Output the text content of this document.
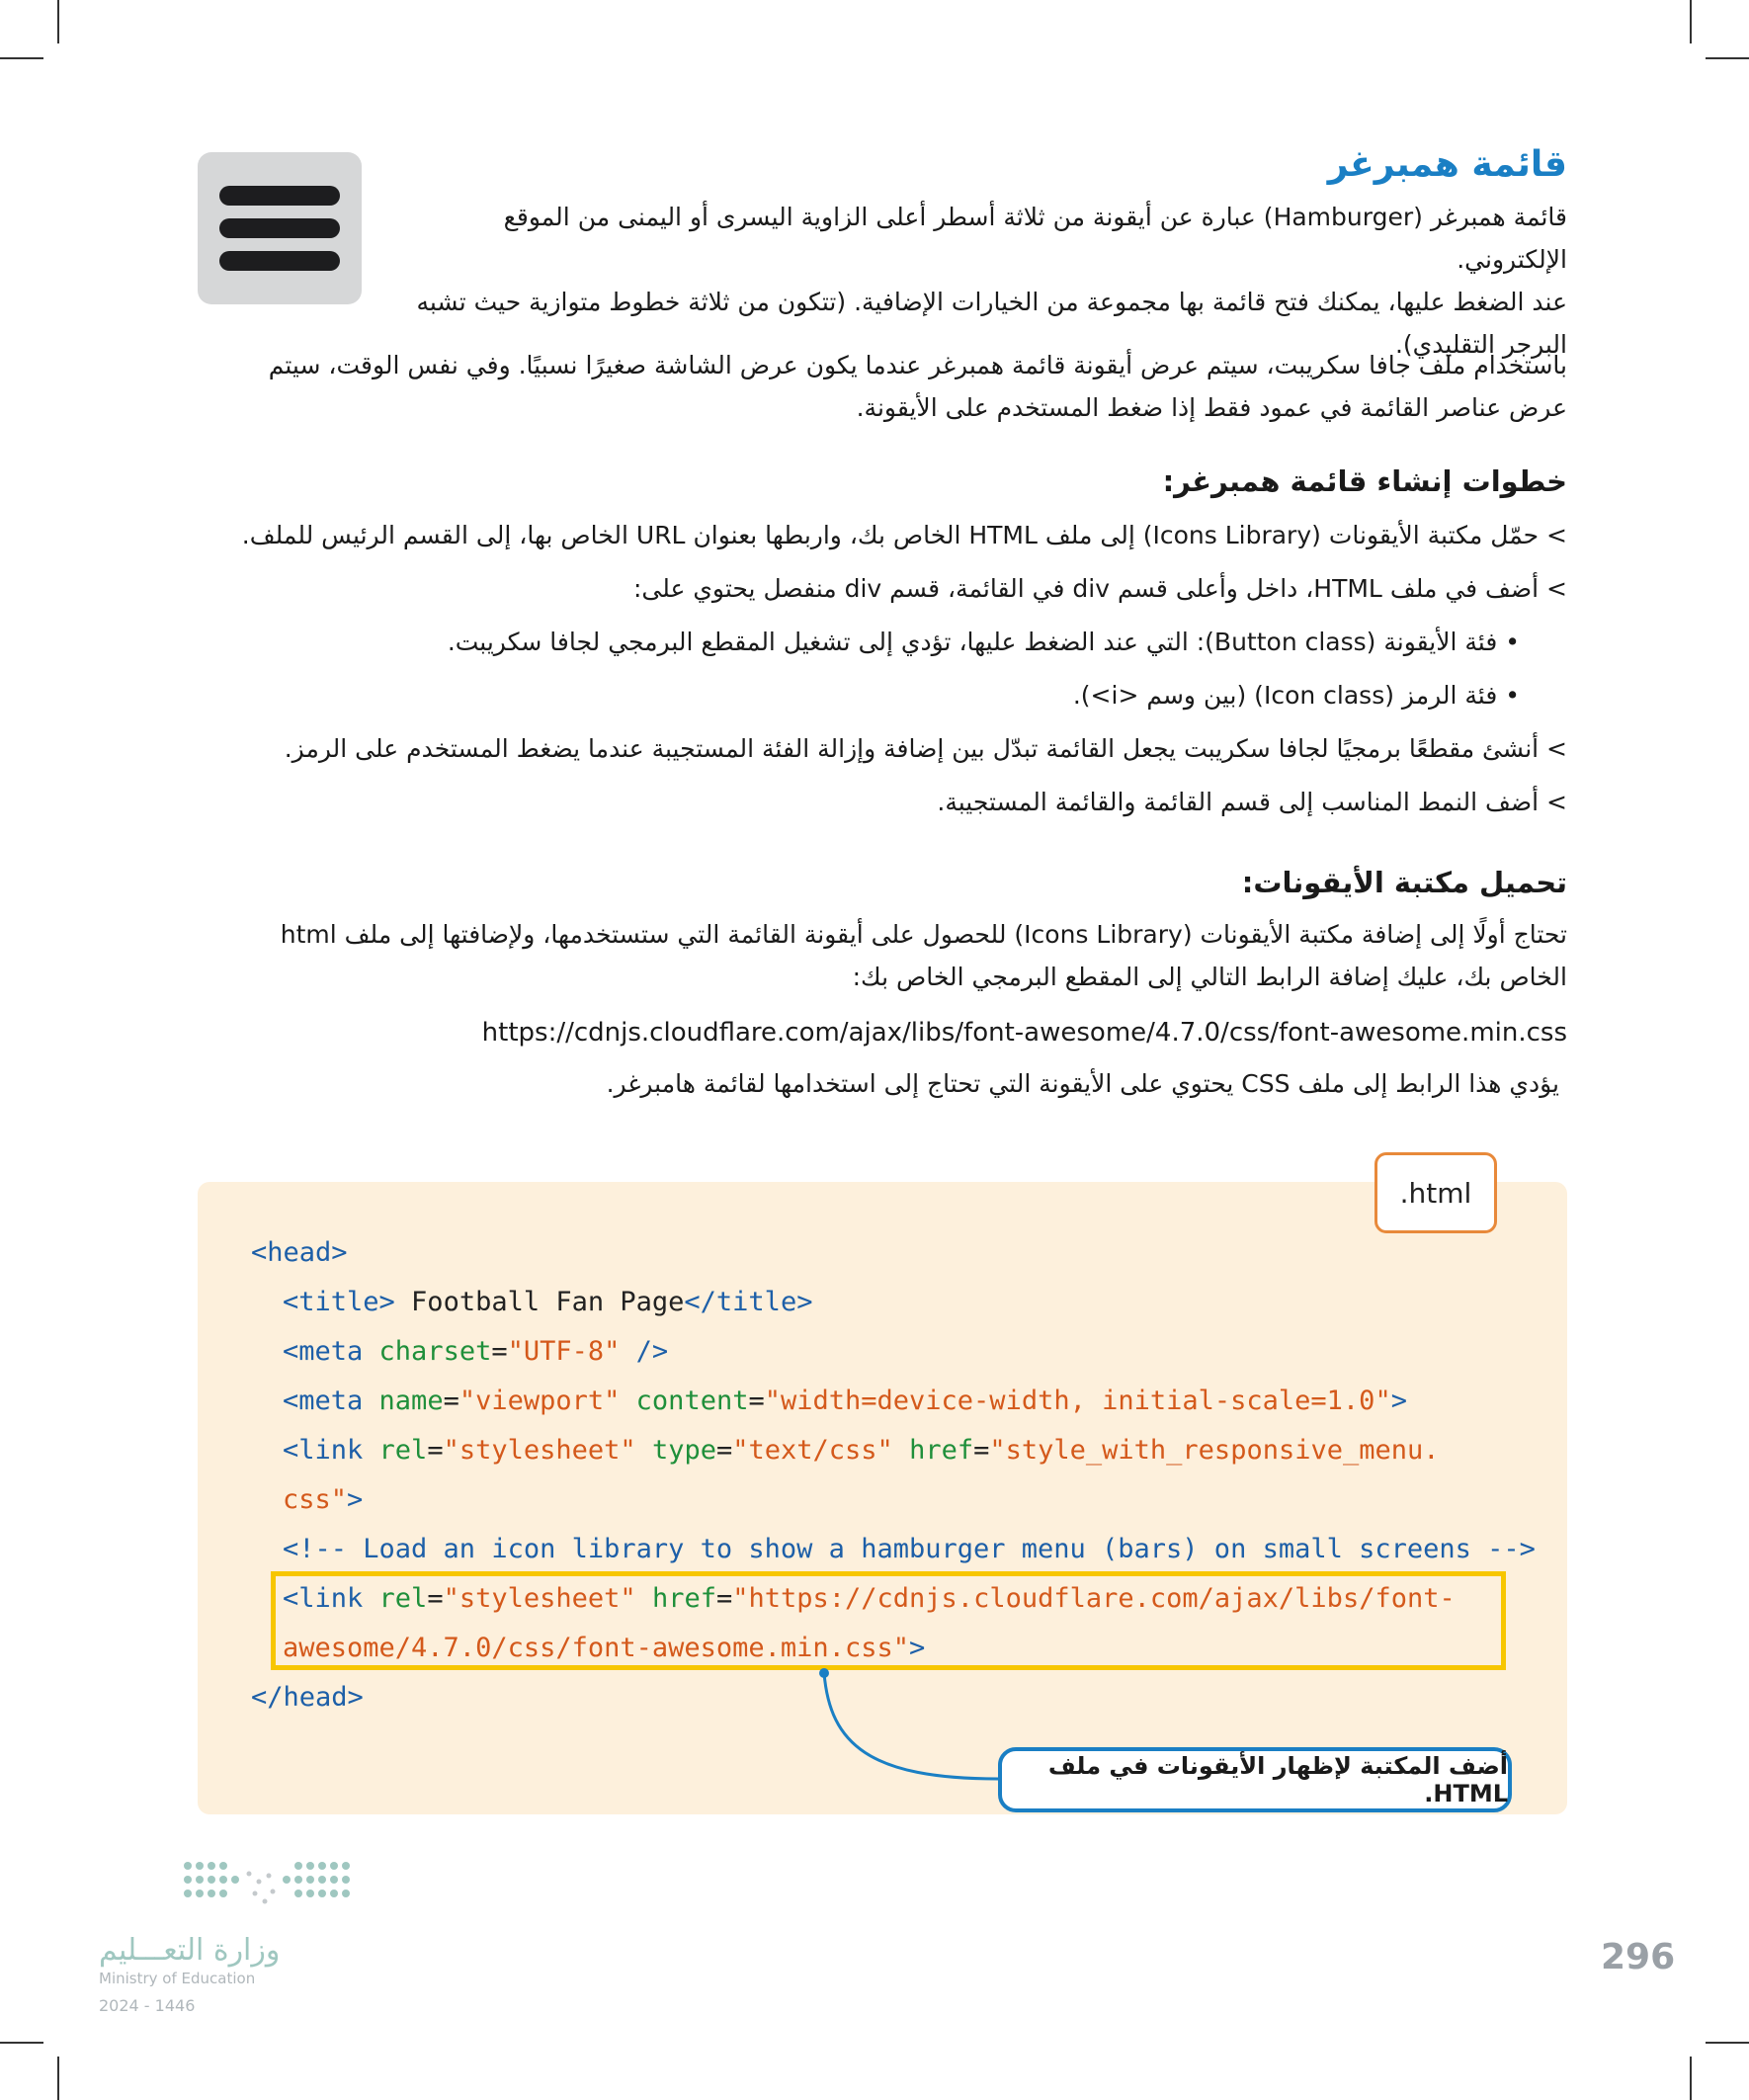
قائمة همبرغر
قائمة همبرغر (Hamburger) عبارة عن أيقونة من ثلاثة أسطر أعلى الزاوية اليسرى أو اليمنى من الموقع الإلكتروني.
عند الضغط عليها، يمكنك فتح قائمة بها مجموعة من الخيارات الإضافية. (تتكون من ثلاثة خطوط متوازية حيث تشبه
البرجر التقليدي).
باستخدام ملف جافا سكريبت، سيتم عرض أيقونة قائمة همبرغر عندما يكون عرض الشاشة صغيرًا نسبيًا. وفي نفس الوقت، سيتم
عرض عناصر القائمة في عمود فقط إذا ضغط المستخدم على الأيقونة.
خطوات إنشاء قائمة همبرغر:
> حمّل مكتبة الأيقونات (Icons Library) إلى ملف HTML الخاص بك، واربطها بعنوان URL الخاص بها، إلى القسم الرئيس للملف.
> أضف في ملف HTML، داخل وأعلى قسم div في القائمة، قسم div منفصل يحتوي على:
• فئة الأيقونة (Button class): التي عند الضغط عليها، تؤدي إلى تشغيل المقطع البرمجي لجافا سكريبت.
• فئة الرمز (Icon class) (بين وسم <i>).
> أنشئ مقطعًا برمجيًا لجافا سكريبت يجعل القائمة تبدّل بين إضافة وإزالة الفئة المستجيبة عندما يضغط المستخدم على الرمز.
> أضف النمط المناسب إلى قسم القائمة والقائمة المستجيبة.
تحميل مكتبة الأيقونات:
تحتاج أولًا إلى إضافة مكتبة الأيقونات (Icons Library) للحصول على أيقونة القائمة التي ستستخدمها، ولإضافتها إلى ملف html
الخاص بك، عليك إضافة الرابط التالي إلى المقطع البرمجي الخاص بك:
https://cdnjs.cloudflare.com/ajax/libs/font-awesome/4.7.0/css/font-awesome.min.css
يؤدي هذا الرابط إلى ملف CSS يحتوي على الأيقونة التي تحتاج إلى استخدامها لقائمة هامبرغر.
.html
<head>
<title> Football Fan Page</title>
<meta charset="UTF-8" />
<meta name="viewport" content="width=device-width, initial-scale=1.0">
<link rel="stylesheet" type="text/css" href="style_with_responsive_menu.
css">
<!-- Load an icon library to show a hamburger menu (bars) on small screens -->
<link rel="stylesheet" href="https://cdnjs.cloudflare.com/ajax/libs/font-
awesome/4.7.0/css/font-awesome.min.css">
</head>
أضف المكتبة لإظهار الأيقونات في ملف HTML.
وزارة التعـــليم
Ministry of Education
2024 - 1446
296
